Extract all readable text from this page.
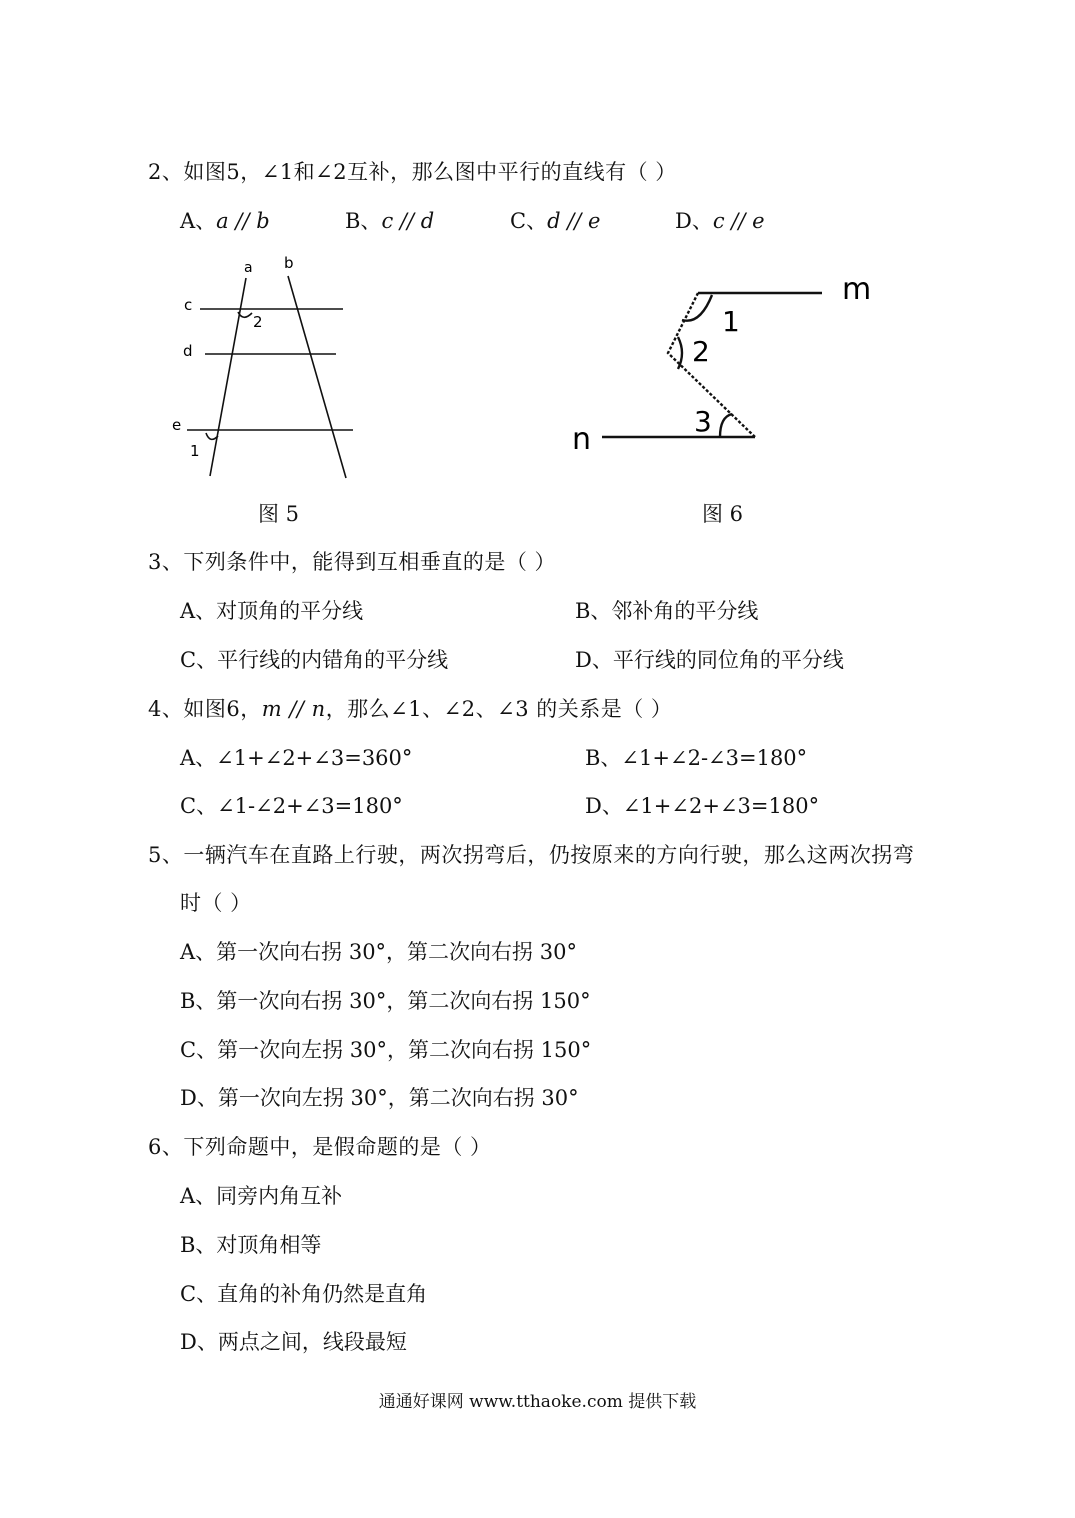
2、如图5，∠1和∠2互补，那么图中平行的直线有（ ）
A、a // b	B、c // d	C、d // e	D、c // e
a b
c
d
e
1
2
图 5
m
n
1
2
3
图 6
3、下列条件中，能得到互相垂直的是（ ）
A、对顶角的平分线	B、邻补角的平分线
C、平行线的内错角的平分线	D、平行线的同位角的平分线
4、如图6，m // n，那么∠1、∠2、∠3 的关系是（ ）
A、∠1+∠2+∠3=360°	B、∠1+∠2-∠3=180°
C、∠1-∠2+∠3=180°	D、∠1+∠2+∠3=180°
5、一辆汽车在直路上行驶，两次拐弯后，仍按原来的方向行驶，那么这两次拐弯
时（ ）
A、第一次向右拐 30°，第二次向右拐 30°
B、第一次向右拐 30°，第二次向右拐 150°
C、第一次向左拐 30°，第二次向右拐 150°
D、第一次向左拐 30°，第二次向右拐 30°
6、下列命题中，是假命题的是（ ）
A、同旁内角互补
B、对顶角相等
C、直角的补角仍然是直角
D、两点之间，线段最短
通通好课网 www.tthaoke.com 提供下载
